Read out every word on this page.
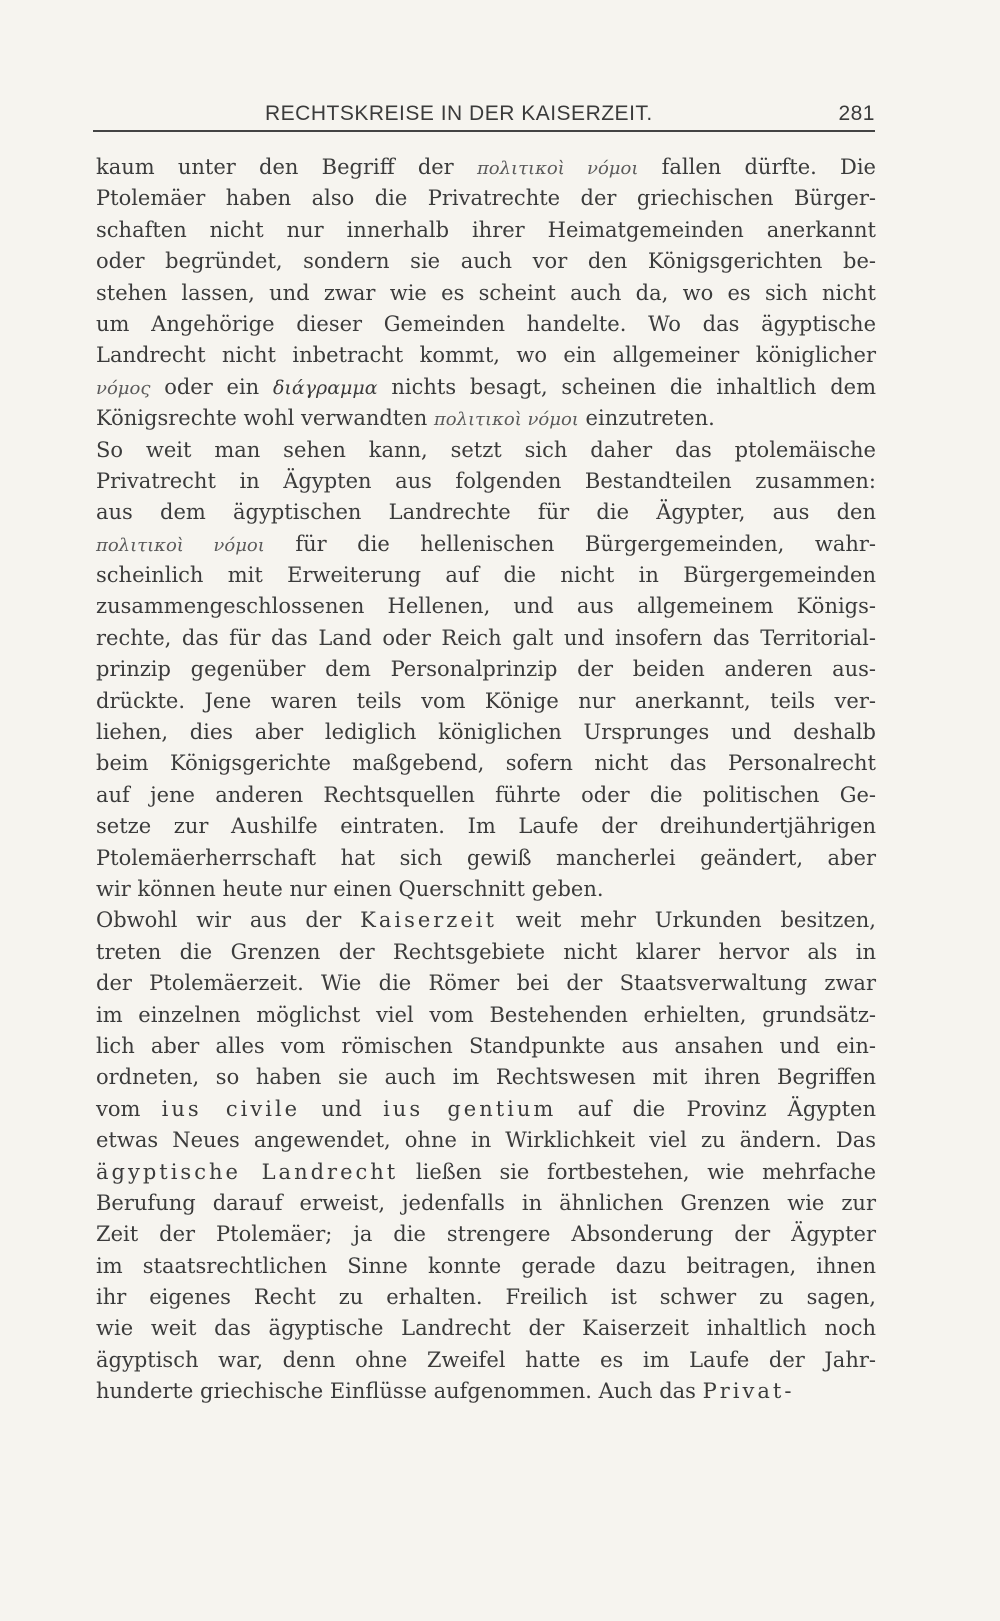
RECHTSKREISE IN DER KAISERZEIT.	281
kaum unter den Begriff der πολιτικοὶ νόμοι fallen dürfte. Die
Ptolemäer haben also die Privatrechte der griechischen Bürger-
schaften nicht nur innerhalb ihrer Heimatgemeinden anerkannt
oder begründet, sondern sie auch vor den Königsgerichten be-
stehen lassen, und zwar wie es scheint auch da, wo es sich nicht
um Angehörige dieser Gemeinden handelte. Wo das ägyptische
Landrecht nicht inbetracht kommt, wo ein allgemeiner königlicher
νόμος oder ein διάγραμμα nichts besagt, scheinen die inhaltlich dem
Königsrechte wohl verwandten πολιτικοὶ νόμοι einzutreten.
So weit man sehen kann, setzt sich daher das ptolemäische
Privatrecht in Ägypten aus folgenden Bestandteilen zusammen:
aus dem ägyptischen Landrechte für die Ägypter, aus den
πολιτικοὶ νόμοι für die hellenischen Bürgergemeinden, wahr-
scheinlich mit Erweiterung auf die nicht in Bürgergemeinden
zusammengeschlossenen Hellenen, und aus allgemeinem Königs-
rechte, das für das Land oder Reich galt und insofern das Territorial-
prinzip gegenüber dem Personalprinzip der beiden anderen aus-
drückte. Jene waren teils vom Könige nur anerkannt, teils ver-
liehen, dies aber lediglich königlichen Ursprunges und deshalb
beim Königsgerichte maßgebend, sofern nicht das Personalrecht
auf jene anderen Rechtsquellen führte oder die politischen Ge-
setze zur Aushilfe eintraten. Im Laufe der dreihundertjährigen
Ptolemäerherrschaft hat sich gewiß mancherlei geändert, aber
wir können heute nur einen Querschnitt geben.
Obwohl wir aus der Kaiserzeit weit mehr Urkunden besitzen,
treten die Grenzen der Rechtsgebiete nicht klarer hervor als in
der Ptolemäerzeit. Wie die Römer bei der Staatsverwaltung zwar
im einzelnen möglichst viel vom Bestehenden erhielten, grundsätz-
lich aber alles vom römischen Standpunkte aus ansahen und ein-
ordneten, so haben sie auch im Rechtswesen mit ihren Begriffen
vom ius civile und ius gentium auf die Provinz Ägypten
etwas Neues angewendet, ohne in Wirklichkeit viel zu ändern. Das
ägyptische Landrecht ließen sie fortbestehen, wie mehrfache
Berufung darauf erweist, jedenfalls in ähnlichen Grenzen wie zur
Zeit der Ptolemäer; ja die strengere Absonderung der Ägypter
im staatsrechtlichen Sinne konnte gerade dazu beitragen, ihnen
ihr eigenes Recht zu erhalten. Freilich ist schwer zu sagen,
wie weit das ägyptische Landrecht der Kaiserzeit inhaltlich noch
ägyptisch war, denn ohne Zweifel hatte es im Laufe der Jahr-
hunderte griechische Einflüsse aufgenommen. Auch das Privat-
